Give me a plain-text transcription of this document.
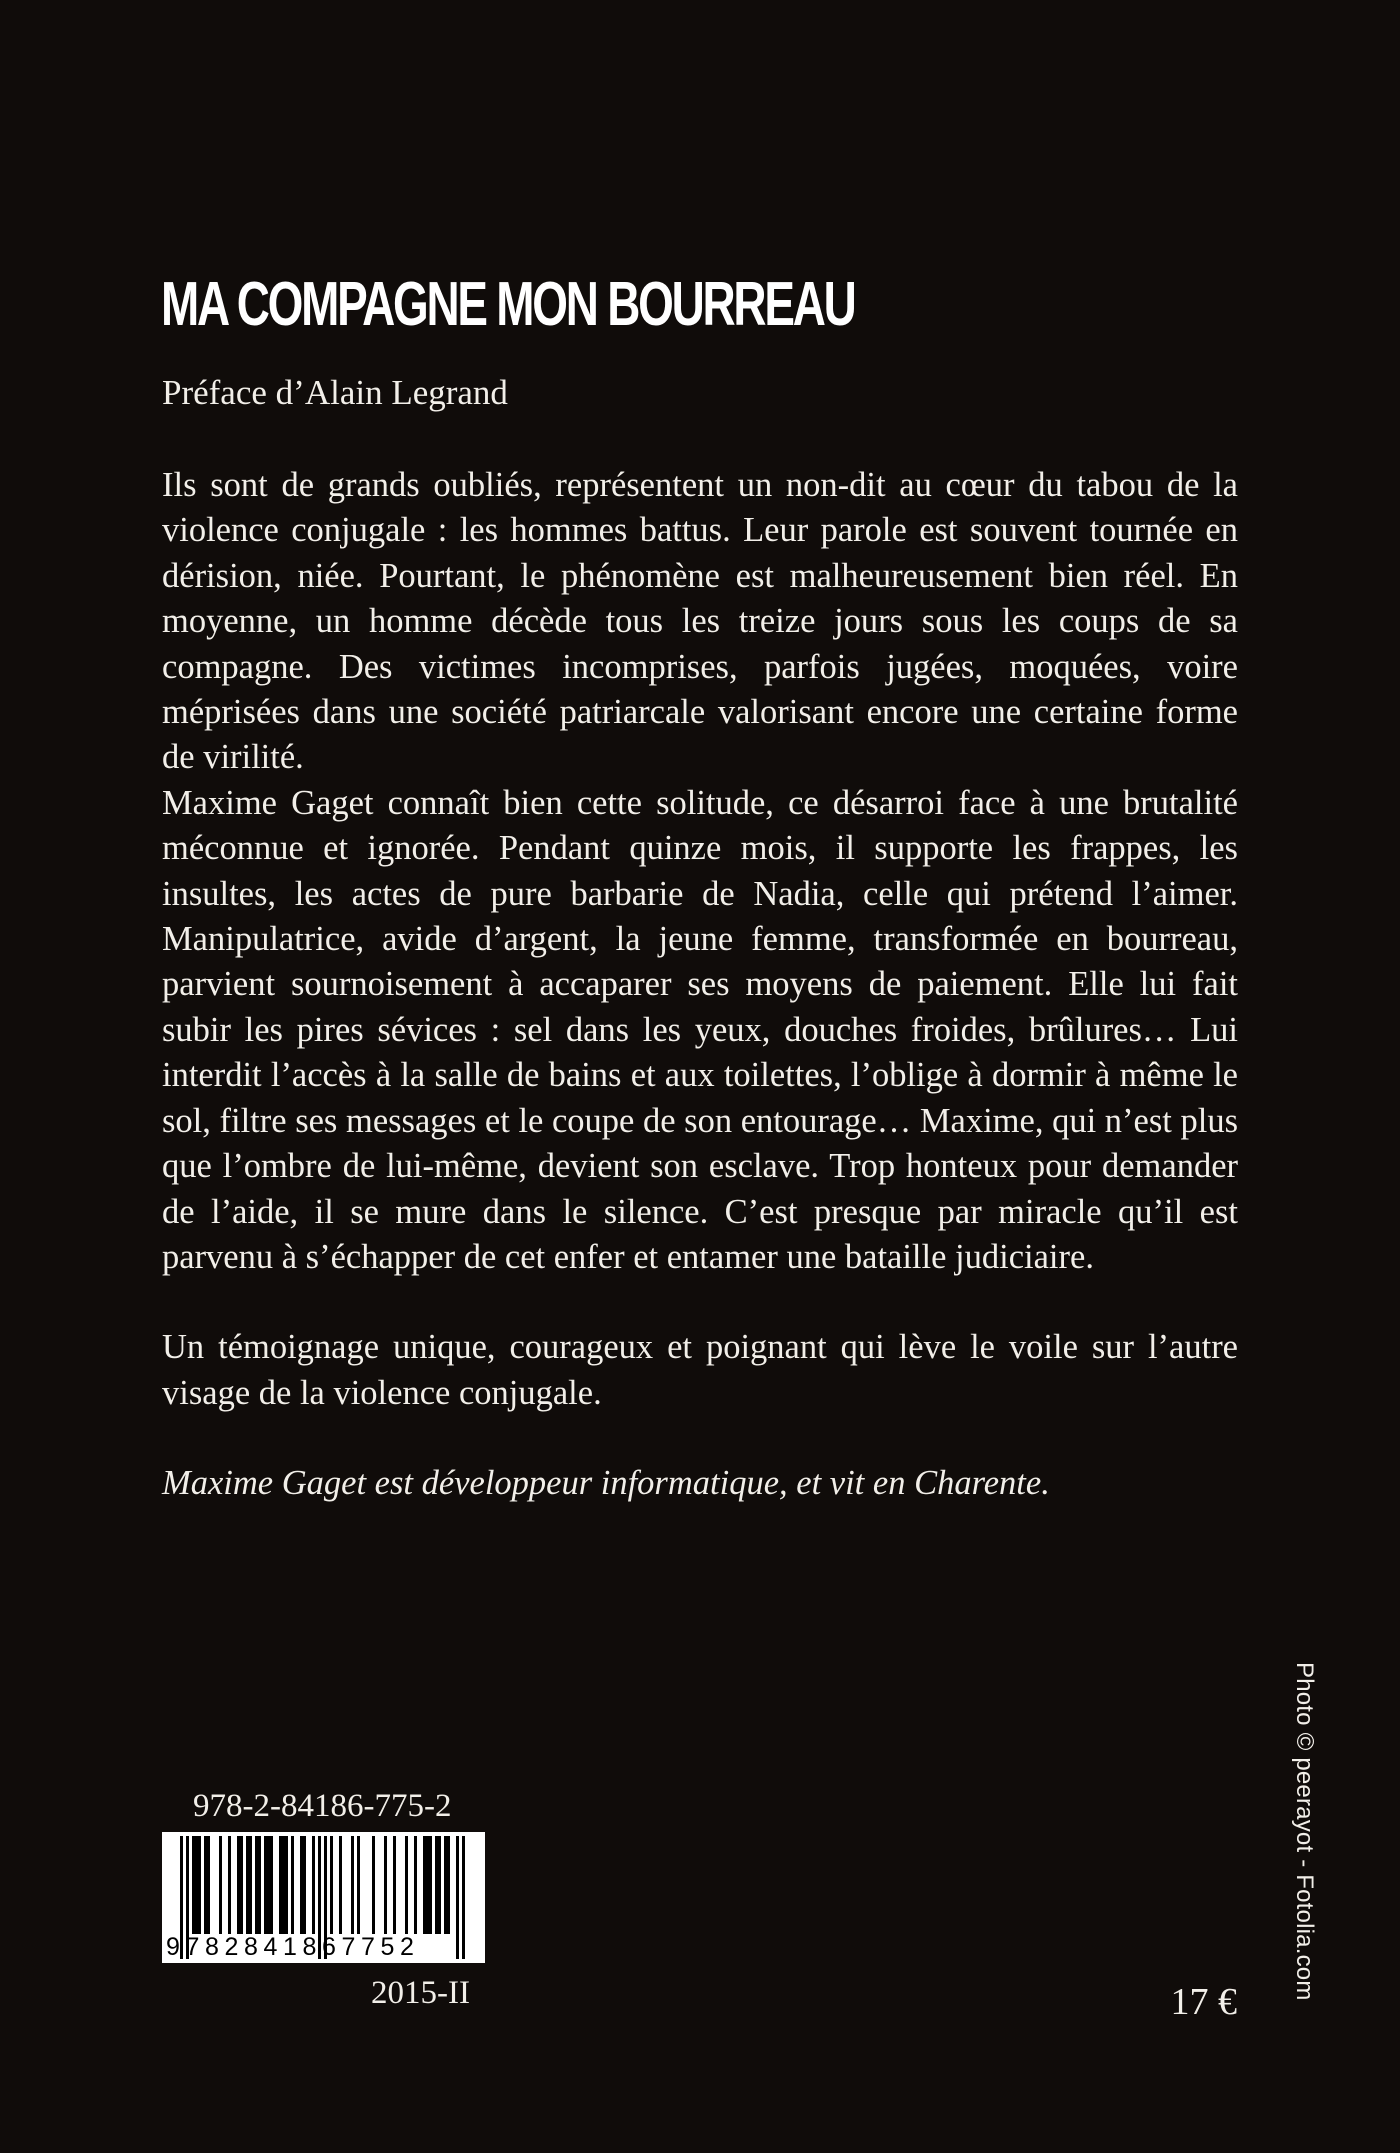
MA COMPAGNE MON BOURREAU
Préface d’Alain Legrand

Ils sont de grands oubliés, représentent un non-dit au cœur du tabou de la violence conjugale : les hommes battus. Leur parole est souvent tournée en dérision, niée. Pourtant, le phénomène est malheureusement bien réel. En moyenne, un homme décède tous les treize jours sous les coups de sa compagne. Des victimes incomprises, parfois jugées, moquées, voire méprisées dans une société patriarcale valorisant encore une certaine forme de virilité.

Maxime Gaget connaît bien cette solitude, ce désarroi face à une brutalité méconnue et ignorée. Pendant quinze mois, il supporte les frappes, les insultes, les actes de pure barbarie de Nadia, celle qui prétend l’aimer. Manipulatrice, avide d’argent, la jeune femme, transformée en bourreau, parvient sournoisement à accaparer ses moyens de paiement. Elle lui fait subir les pires sévices : sel dans les yeux, douches froides, brûlures… Lui interdit l’accès à la salle de bains et aux toilettes, l’oblige à dormir à même le sol, filtre ses messages et le coupe de son entourage… Maxime, qui n’est plus que l’ombre de lui-même, devient son esclave. Trop honteux pour demander de l’aide, il se mure dans le silence. C’est presque par miracle qu’il est parvenu à s’échapper de cet enfer et entamer une bataille judiciaire.

Un témoignage unique, courageux et poignant qui lève le voile sur l’autre visage de la violence conjugale.

Maxime Gaget est développeur informatique, et vit en Charente.

978-2-84186-775-2
9782841867752
2015-II	17 €
Photo © peerayot - Fotolia.com
